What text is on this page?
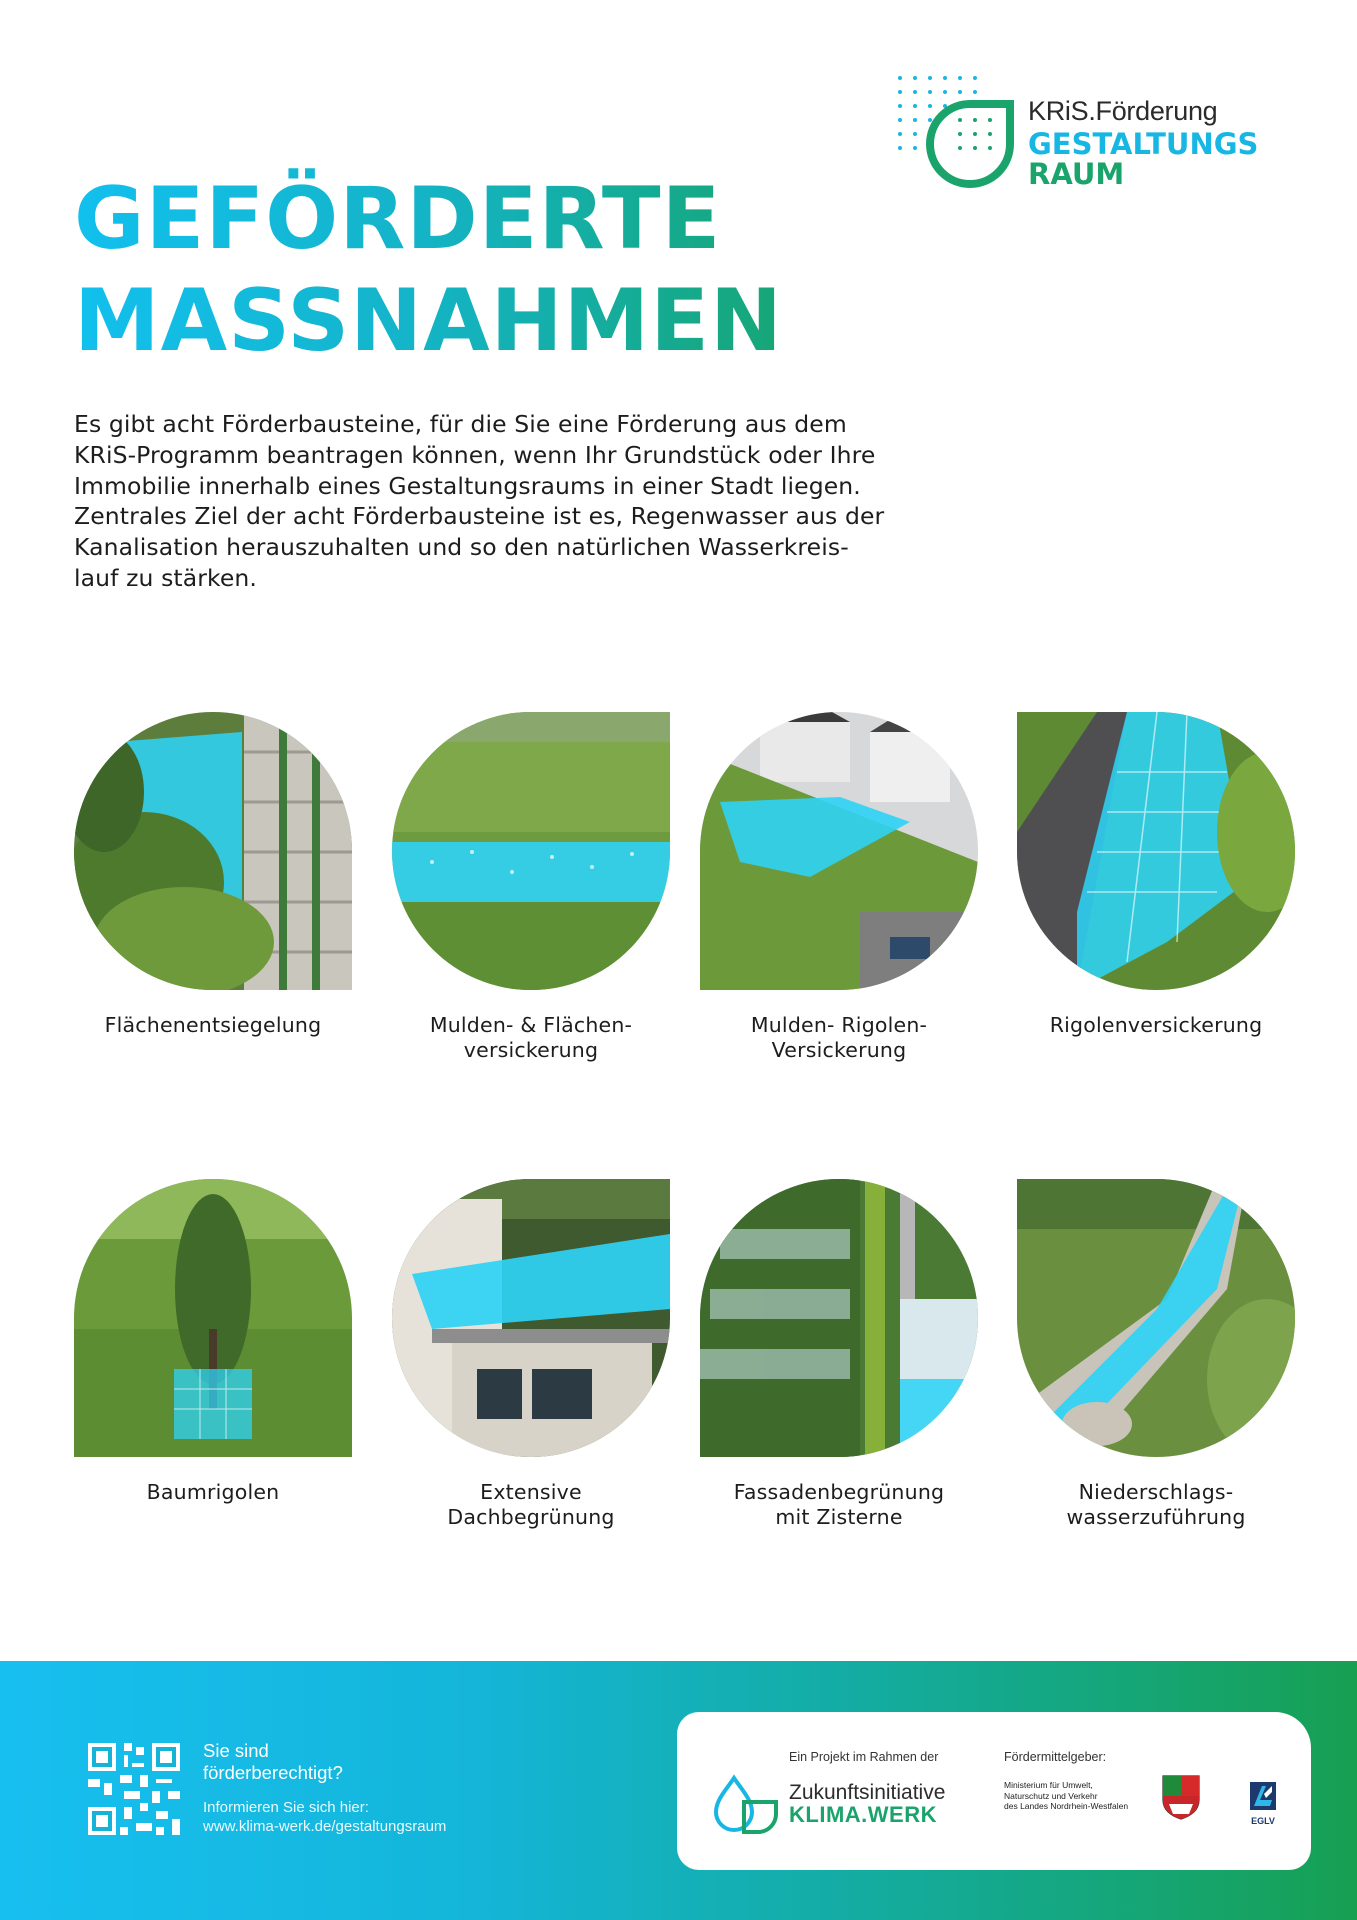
KRiS.Förderung
GESTALTUNGS
RAUM
GEFÖRDERTE
MASSNAHMEN
Es gibt acht Förderbausteine, für die Sie eine Förderung aus dem
KRiS-Programm beantragen können, wenn Ihr Grundstück oder Ihre
Immobilie innerhalb eines Gestaltungsraums in einer Stadt liegen.
Zentrales Ziel der acht Förderbausteine ist es, Regenwasser aus der
Kanalisation herauszuhalten und so den natürlichen Wasserkreis-
lauf zu stärken.
Flächenentsiegelung	Mulden- & Flächen-
versickerung
Mulden- Rigolen-
Versickerung
Rigolenversickerung
Baumrigolen	Extensive
Dachbegrünung
Fassadenbegrünung
mit Zisterne
Niederschlags-
wasserzuführung
Sie sind
förderberechtigt?
Informieren Sie sich hier:
www.klima-werk.de/gestaltungsraum
Ein Projekt im Rahmen der	Fördermittelgeber:
Zukunftsinitiative
KLIMA.WERK
Ministerium für Umwelt,
Naturschutz und Verkehr
des Landes Nordrhein-Westfalen
EGLV
